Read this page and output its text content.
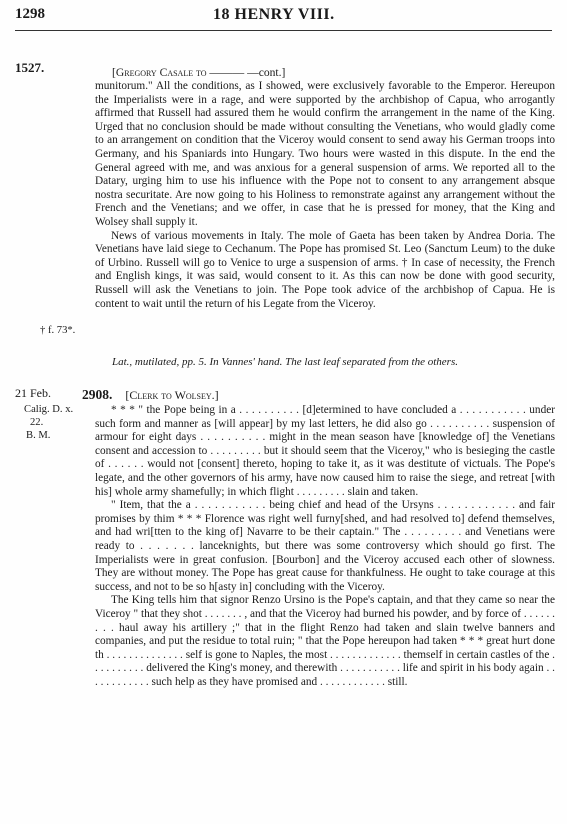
1298	18 HENRY VIII.
1527.	[Gregory Casale to ——— —cont.]

munitorum." All the conditions, as I showed, were exclusively favorable to the Emperor. Hereupon the Imperialists were in a rage, and were supported by the archbishop of Capua, who arrogantly affirmed that Russell had assured them he would confirm the arrangement in the name of the King. Urged that no conclusion should be made without consulting the Venetians, who would gladly come to an arrangement on condition that the Viceroy would consent to send away his German troops into Germany, and his Spaniards into Hungary. Two hours were wasted in this dispute. In the end the General agreed with me, and was anxious for a general suspension of arms. We reported all to the Datary, urging him to use his influence with the Pope not to consent to any arrangement absque nostra securitate. Are now going to his Holiness to remonstrate against any arrangement without the French and the Venetians; and we offer, in case that he is pressed for money, that the King and Wolsey shall supply it.

News of various movements in Italy. The mole of Gaeta has been taken by Andrea Doria. The Venetians have laid siege to Cechanum. The Pope has promised St. Leo (Sanctum Leum) to the duke of Urbino. Russell will go to Venice to urge a suspension of arms. † In case of necessity, the French and English kings, it was said, would consent to it. As this can now be done with good security, Russell will ask the Venetians to join. The Pope took advice of the archbishop of Capua. He is content to wait until the return of his Legate from the Viceroy.

† f. 73*.
Lat., mutilated, pp. 5. In Vannes' hand. The last leaf separated from the others.
21 Feb.
Calig. D. x.
22.
B. M.
2908. [Clerk to Wolsey.]

* * * " the Pope being in a . . . . . . . . . . [d]etermined to have concluded a . . . . . . . . . . . under such form and manner as [will appear] by my last letters, he did also go . . . . . . . . . . suspension of armour for eight days . . . . . . . . . . might in the mean season have [knowledge of] the Venetians consent and accession to . . . . . . . . . but it should seem that the Viceroy," who is besieging the castle of . . . . . . would not [consent] thereto, hoping to take it, as it was destitute of victuals. The Pope's legate, and the other governors of his army, have now caused him to raise the siege, and retreat [with his] whole army shamefully; in which flight . . . . . . . . . slain and taken.

" Item, that the a . . . . . . . . . . . being chief and head of the Ursyns . . . . . . . . . . . . and fair promises by thim * * * Florence was right well furny[shed, and had resolved to] defend themselves, and had wri[tten to the king of] Navarre to be their captain." The . . . . . . . . . and Venetians were ready to . . . . . . . lanceknights, but there was some controversy which should go first. The Imperialists were in great confusion. [Bourbon] and the Viceroy accused each other of slowness. They are without money. The Pope has great cause for thankfulness. He ought to take courage at this success, and not to be so h[asty in] concluding with the Viceroy.

The King tells him that signor Renzo Ursino is the Pope's captain, and that they came so near the Viceroy " that they shot . . . . . . . , and that the Viceroy had burned his powder, and by force of . . . . . . . . . haul away his artillery ;" that in the flight Renzo had taken and slain twelve banners and companies, and put the residue to total ruin; " that the Pope hereupon had taken * * * great hurt done th . . . . . . . . . . . . . . self is gone to Naples, the most . . . . . . . . . . . . . themself in certain castles of the . . . . . . . . . . delivered the King's money, and therewith . . . . . . . . . . . life and spirit in his body again . . . . . . . . . . . . such help as they have promised and . . . . . . . . . . . . still.
